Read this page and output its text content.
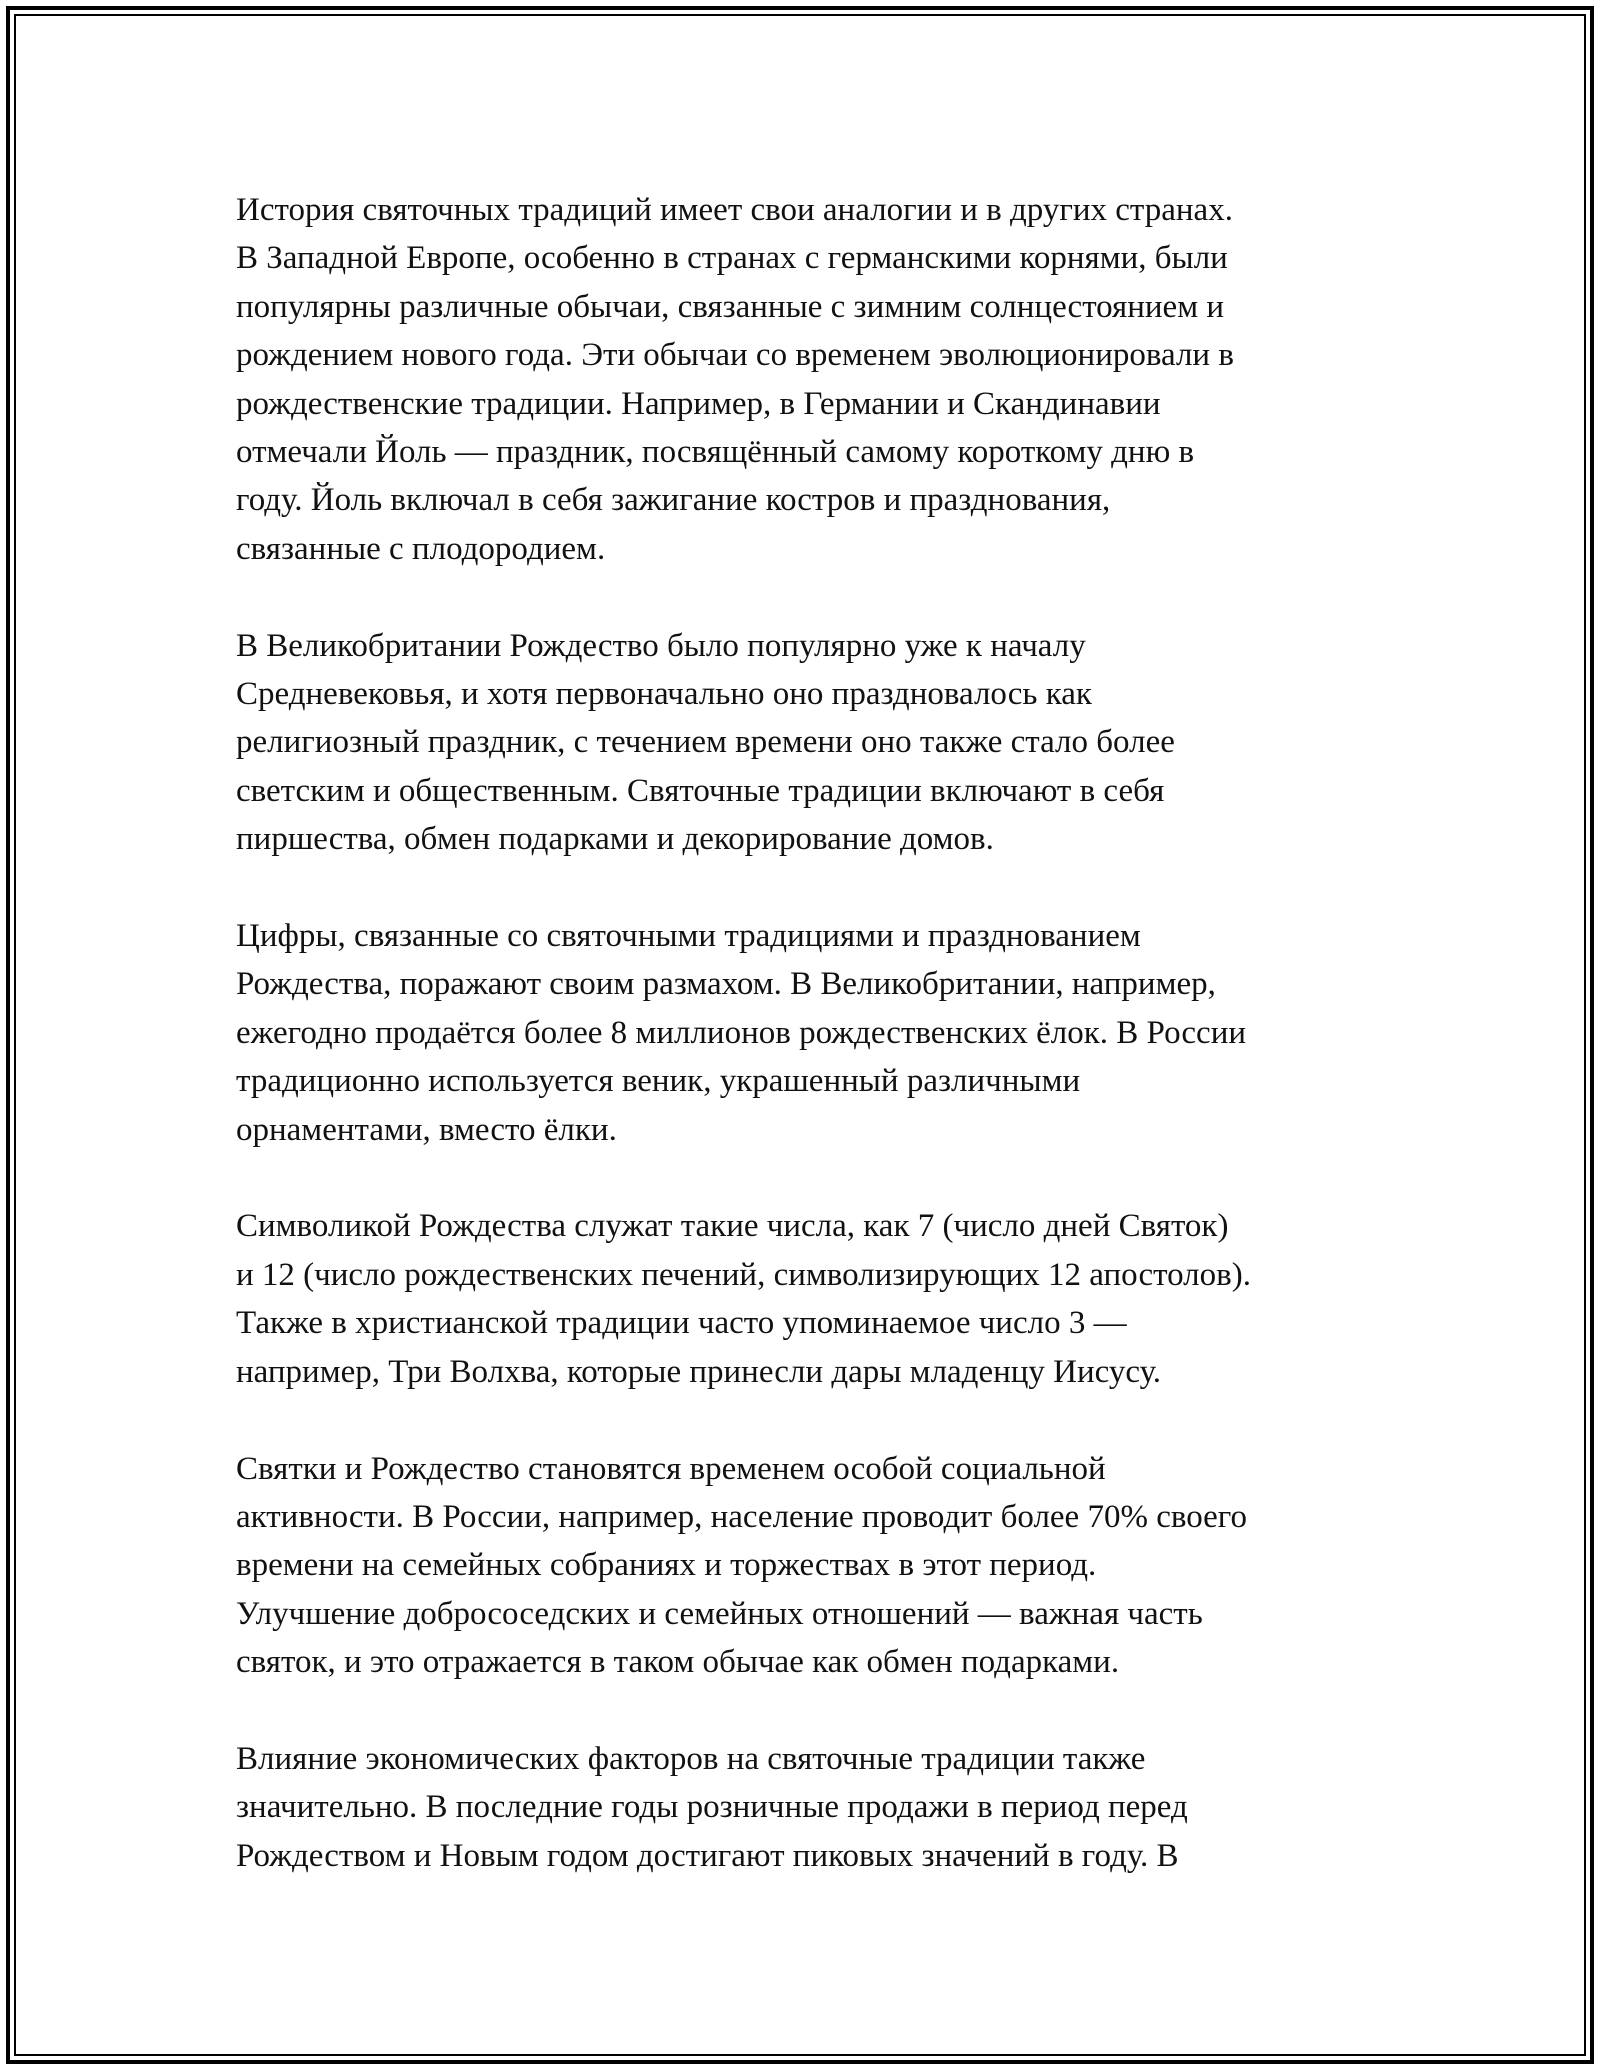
История святочных традиций имеет свои аналогии и в других странах.
В Западной Европе, особенно в странах с германскими корнями, были
популярны различные обычаи, связанные с зимним солнцестоянием и
рождением нового года. Эти обычаи со временем эволюционировали в
рождественские традиции. Например, в Германии и Скандинавии
отмечали Йоль — праздник, посвящённый самому короткому дню в
году. Йоль включал в себя зажигание костров и празднования,
связанные с плодородием.

В Великобритании Рождество было популярно уже к началу
Средневековья, и хотя первоначально оно праздновалось как
религиозный праздник, с течением времени оно также стало более
светским и общественным. Святочные традиции включают в себя
пиршества, обмен подарками и декорирование домов.

Цифры, связанные со святочными традициями и празднованием
Рождества, поражают своим размахом. В Великобритании, например,
ежегодно продаётся более 8 миллионов рождественских ёлок. В России
традиционно используется веник, украшенный различными
орнаментами, вместо ёлки.

Символикой Рождества служат такие числа, как 7 (число дней Святок)
и 12 (число рождественских печений, символизирующих 12 апостолов).
Также в христианской традиции часто упоминаемое число 3 —
например, Три Волхва, которые принесли дары младенцу Иисусу.

Святки и Рождество становятся временем особой социальной
активности. В России, например, население проводит более 70% своего
времени на семейных собраниях и торжествах в этот период.
Улучшение добрососедских и семейных отношений — важная часть
святок, и это отражается в таком обычае как обмен подарками.

Влияние экономических факторов на святочные традиции также
значительно. В последние годы розничные продажи в период перед
Рождеством и Новым годом достигают пиковых значений в году. В
